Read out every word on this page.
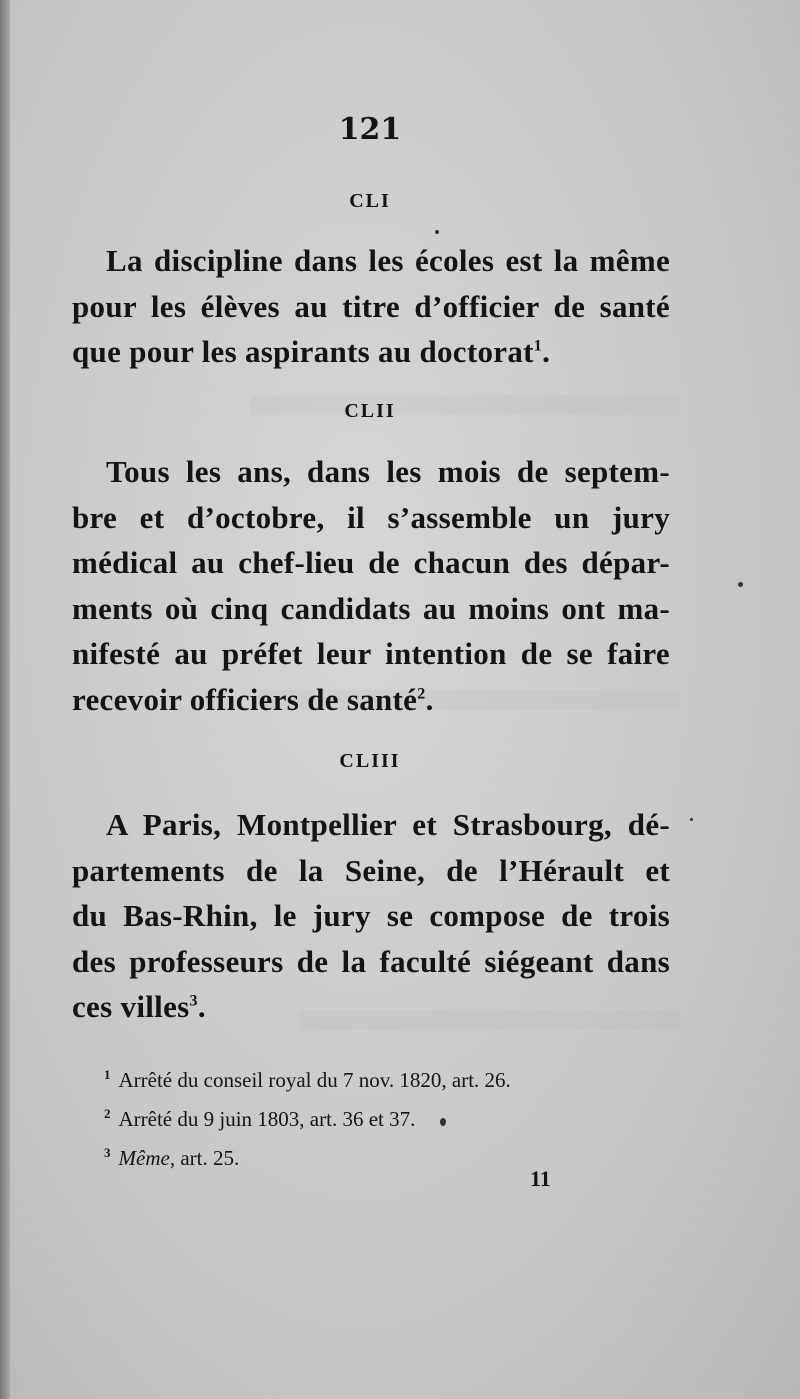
121
CLI
La discipline dans les écoles est la même
pour les élèves au titre d’officier de santé
que pour les aspirants au doctorat$^1$.
CLII
Tous les ans, dans les mois de septem-
bre et d’octobre, il s’assemble un jury
médical au chef-lieu de chacun des dépar-
ments où cinq candidats au moins ont ma-
nifesté au préfet leur intention de se faire
recevoir officiers de santé$^2$.
CLIII
A Paris, Montpellier et Strasbourg, dé-
partements de la Seine, de l’Hérault et
du Bas-Rhin, le jury se compose de trois
des professeurs de la faculté siégeant dans
ces villes$^3$.
$^1$ Arrêté du conseil royal du 7 nov. 1820, art. 26.
$^2$ Arrêté du 9 juin 1803, art. 36 et 37.
$^3$ Même, art. 25.
11
